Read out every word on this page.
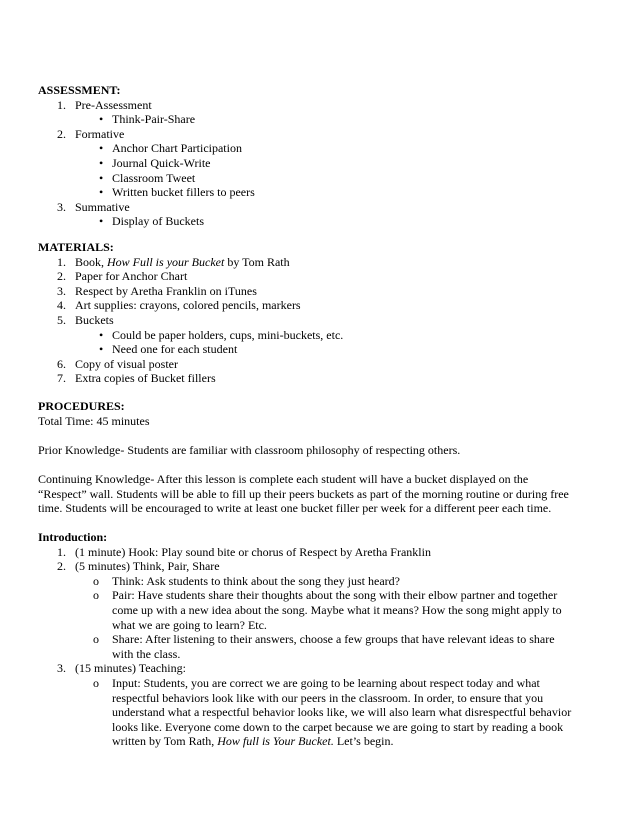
ASSESSMENT:

1. Pre-Assessment

• Think-Pair-Share

2. Formative

• Anchor Chart Participation

• Journal Quick-Write

• Classroom Tweet

• Written bucket fillers to peers

3. Summative

• Display of Buckets

MATERIALS:

1. Book, How Full is your Bucket by Tom Rath

2. Paper for Anchor Chart

3. Respect by Aretha Franklin on iTunes

4. Art supplies: crayons, colored pencils, markers

5. Buckets

• Could be paper holders, cups, mini-buckets, etc.

• Need one for each student

6. Copy of visual poster

7. Extra copies of Bucket fillers

PROCEDURES:

Total Time: 45 minutes

Prior Knowledge- Students are familiar with classroom philosophy of respecting others.

Continuing Knowledge- After this lesson is complete each student will have a bucket displayed on the

“Respect” wall. Students will be able to fill up their peers buckets as part of the morning routine or during free

time. Students will be encouraged to write at least one bucket filler per week for a different peer each time.

Introduction:

1. (1 minute) Hook: Play sound bite or chorus of Respect by Aretha Franklin

2. (5 minutes) Think, Pair, Share

o	Think: Ask students to think about the song they just heard?
o	Pair: Have students share their thoughts about the song with their elbow partner and together
come up with a new idea about the song. Maybe what it means? How the song might apply to
what we are going to learn? Etc.
o	Share: After listening to their answers, choose a few groups that have relevant ideas to share
with the class.

3. (15 minutes) Teaching:

o	Input: Students, you are correct we are going to be learning about respect today and what
respectful behaviors look like with our peers in the classroom. In order, to ensure that you
understand what a respectful behavior looks like, we will also learn what disrespectful behavior
looks like. Everyone come down to the carpet because we are going to start by reading a book
written by Tom Rath, How full is Your Bucket. Let’s begin.
